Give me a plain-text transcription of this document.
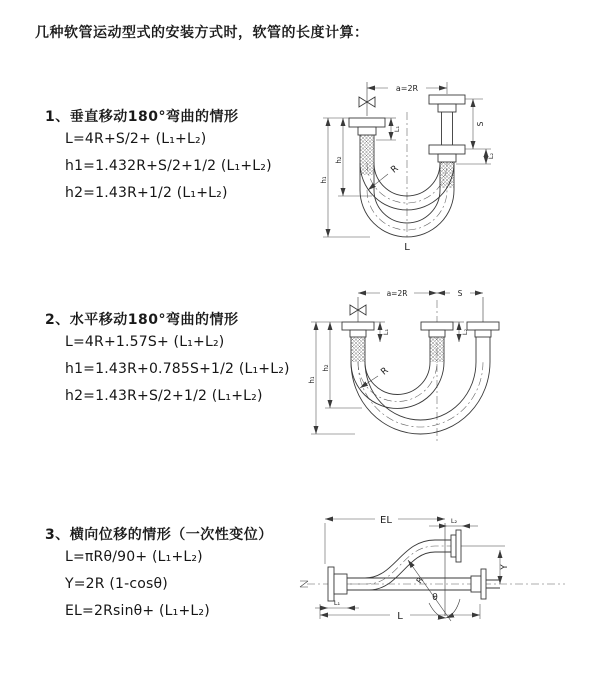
几种软管运动型式的安装方式时，软管的长度计算：
1、垂直移动180°弯曲的情形
L=4R+S/2+ (L₁+L₂)
h1=1.432R+S/2+1/2 (L₁+L₂)
h2=1.43R+1/2 (L₁+L₂)
2、水平移动180°弯曲的情形
L=4R+1.57S+ (L₁+L₂)
h1=1.43R+0.785S+1/2 (L₁+L₂)
h2=1.43R+S/2+1/2 (L₁+L₂)
3、横向位移的情形（一次性变位）
L=πRθ/90+ (L₁+L₂)
Y=2R (1-cosθ)
EL=2Rsinθ+ (L₁+L₂)
a=2R
S
L₂
L₁
h₂
h₁
R
L
a=2R	S
L₁	L₂
h₂
h₁
R
EL	L₂
Y
L
L₁	θ
R
